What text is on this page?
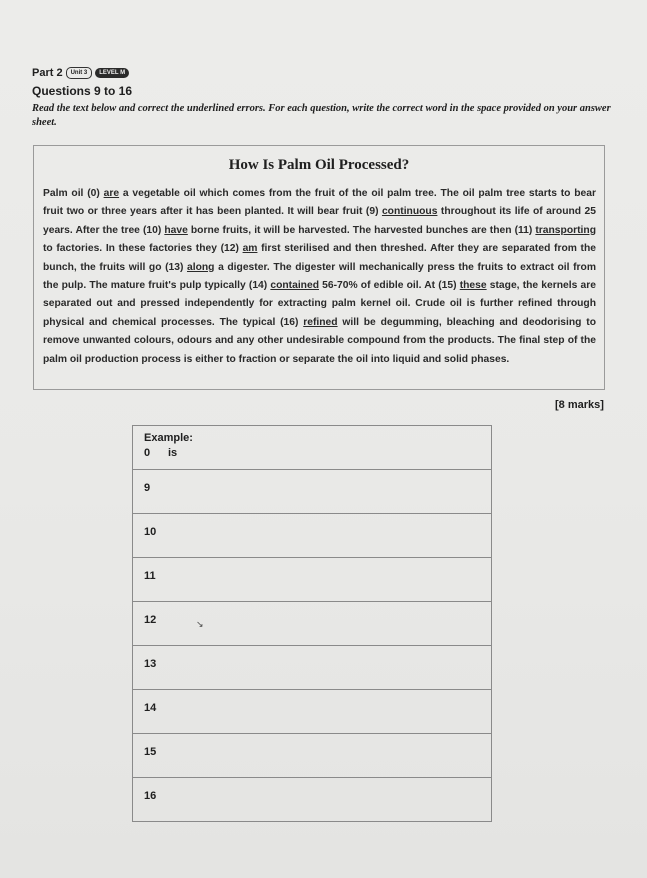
Part 2	Unit 3	LEVEL M
Questions 9 to 16
Read the text below and correct the underlined errors. For each question, write the correct word in the space provided on your answer sheet.
How Is Palm Oil Processed?
Palm oil (0) are a vegetable oil which comes from the fruit of the oil palm tree. The oil palm tree starts to bear fruit two or three years after it has been planted. It will bear fruit (9) continuous throughout its life of around 25 years. After the tree (10) have borne fruits, it will be harvested. The harvested bunches are then (11) transporting to factories. In these factories they (12) am first sterilised and then threshed. After they are separated from the bunch, the fruits will go (13) along a digester. The digester will mechanically press the fruits to extract oil from the pulp. The mature fruit's pulp typically (14) contained 56-70% of edible oil. At (15) these stage, the kernels are separated out and pressed independently for extracting palm kernel oil. Crude oil is further refined through physical and chemical processes. The typical (16) refined will be degumming, bleaching and deodorising to remove unwanted colours, odours and any other undesirable compound from the products. The final step of the palm oil production process is either to fraction or separate the oil into liquid and solid phases.
[8 marks]
Example:
0 is
9
10
11
12	↘
13
14
15
16
